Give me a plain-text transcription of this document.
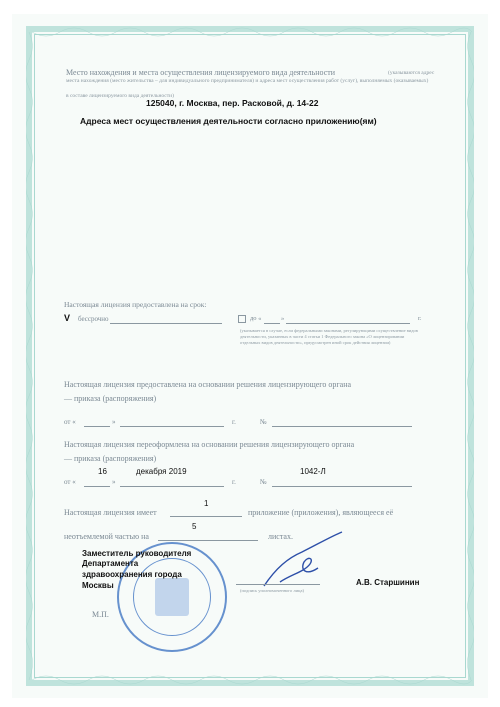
Место нахождения и места осуществления лицензируемого вида деятельности	(указываются адрес
места нахождения (место жительства – для индивидуального предпринимателя) и адреса мест осуществления работ (услуг), выполняемых (оказываемых)
в составе лицензируемого вида деятельности)
125040, г. Москва, пер. Расковой, д. 14-22
Адреса мест осуществления деятельности согласно приложению(ям)
Настоящая лицензия предоставлена на срок:
V бессрочно	до «	»	г.
(указывается в случае, если федеральными законами, регулирующими осуществление видов деятельности, указанных в части 4 статьи 1 Федерального закона «О лицензировании отдельных видов деятельности», предусмотрен иной срок действия лицензии)
Настоящая лицензия предоставлена на основании решения лицензирующего органа
— приказа (распоряжения)
от «	»	г.	№
Настоящая лицензия переоформлена на основании решения лицензирующего органа
— приказа (распоряжения)
16	декабря 2019	1042-Л
от «	»	г.	№
1
Настоящая лицензия имеет	приложение (приложения), являющееся её
5
неотъемлемой частью на	листах.
Заместитель руководителя
Департамента
здравоохранения города
Москвы
(подпись уполномоченного лица)
А.В. Старшинин
М.П.
